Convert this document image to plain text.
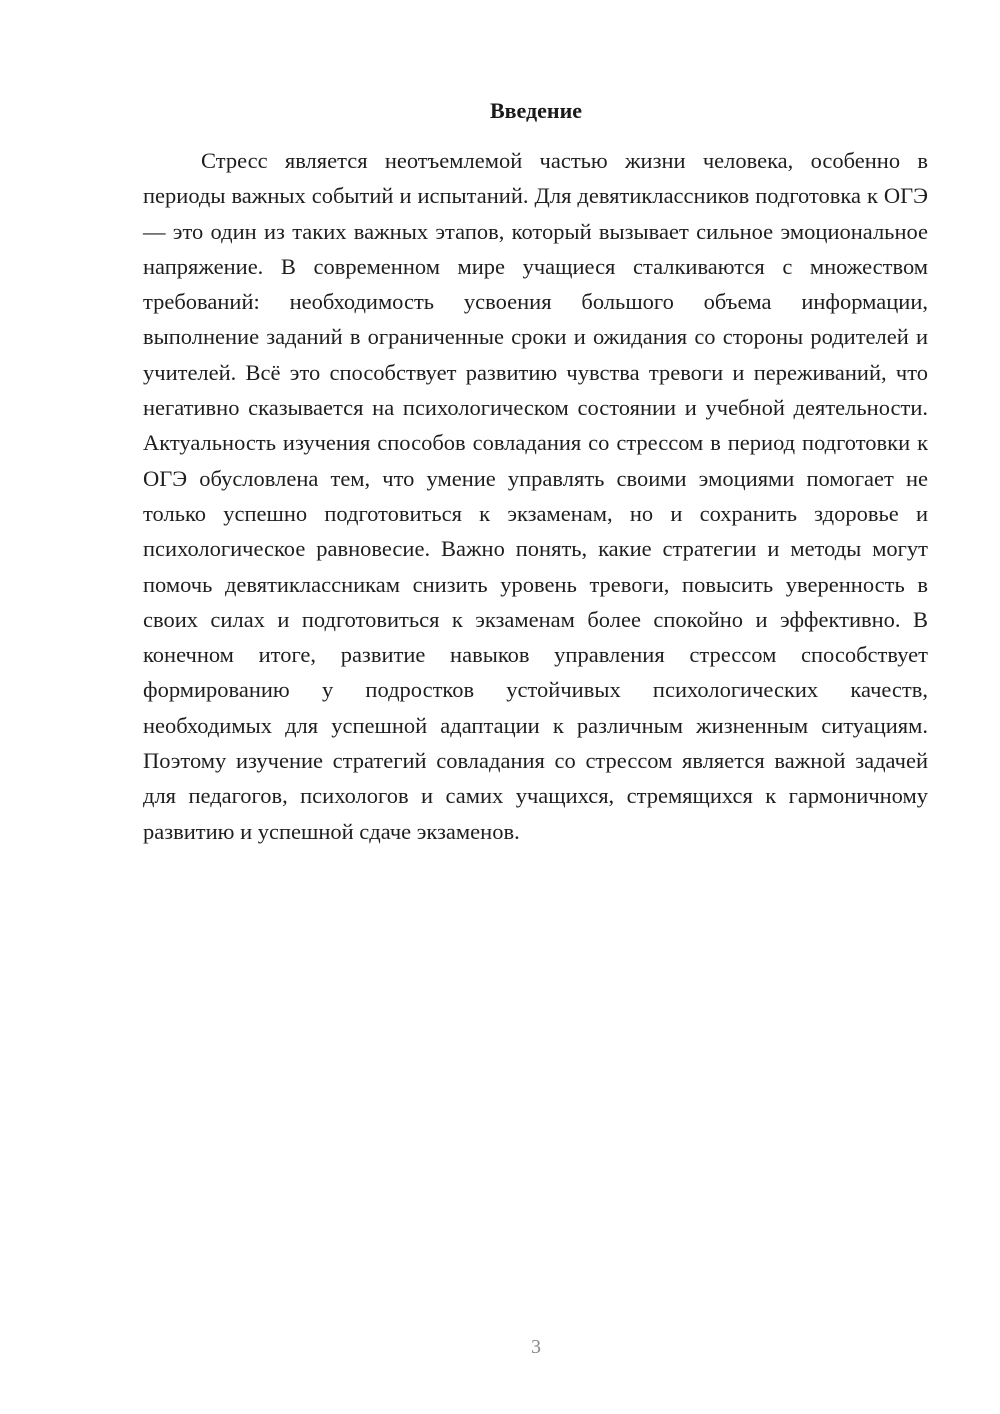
Введение

Стресс является неотъемлемой частью жизни человека, особенно в периоды важных событий и испытаний. Для девятиклассников подготовка к ОГЭ — это один из таких важных этапов, который вызывает сильное эмоциональное напряжение. В современном мире учащиеся сталкиваются с множеством требований: необходимость усвоения большого объема информации, выполнение заданий в ограниченные сроки и ожидания со стороны родителей и учителей. Всё это способствует развитию чувства тревоги и переживаний, что негативно сказывается на психологическом состоянии и учебной деятельности. Актуальность изучения способов совладания со стрессом в период подготовки к ОГЭ обусловлена тем, что умение управлять своими эмоциями помогает не только успешно подготовиться к экзаменам, но и сохранить здоровье и психологическое равновесие. Важно понять, какие стратегии и методы могут помочь девятиклассникам снизить уровень тревоги, повысить уверенность в своих силах и подготовиться к экзаменам более спокойно и эффективно. В конечном итоге, развитие навыков управления стрессом способствует формированию у подростков устойчивых психологических качеств, необходимых для успешной адаптации к различным жизненным ситуациям. Поэтому изучение стратегий совладания со стрессом является важной задачей для педагогов, психологов и самих учащихся, стремящихся к гармоничному развитию и успешной сдаче экзаменов.

3
